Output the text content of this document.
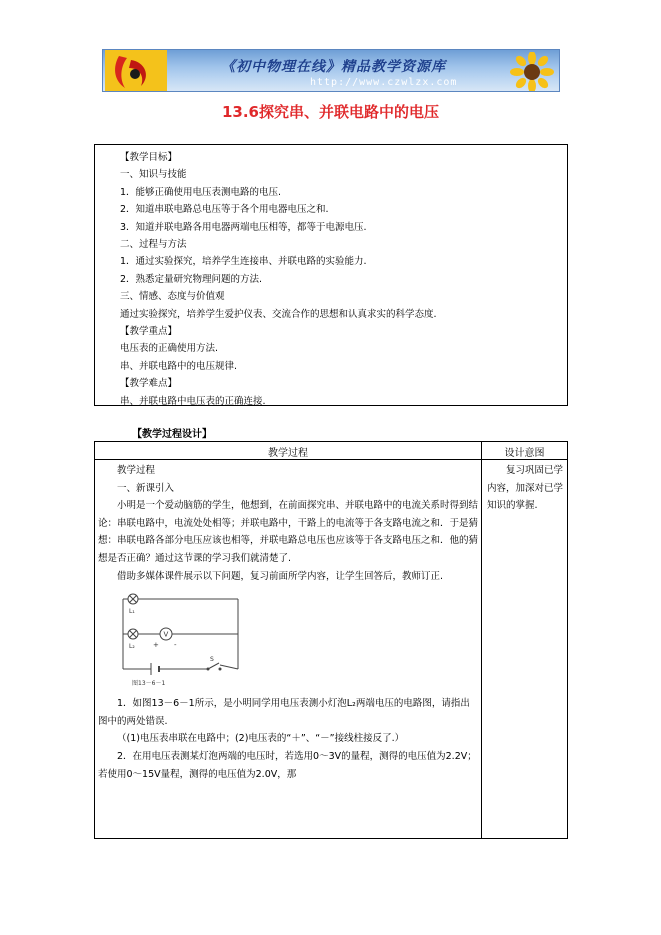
《初中物理在线》精品教学资源库
http://www.czwlzx.com
13.6探究串、并联电路中的电压
【教学目标】
一、知识与技能
1．能够正确使用电压表测电路的电压.
2．知道串联电路总电压等于各个用电器电压之和.
3．知道并联电路各用电器两端电压相等，都等于电源电压.
二、过程与方法
1．通过实验探究，培养学生连接串、并联电路的实验能力.
2．熟悉定量研究物理问题的方法.
三、情感、态度与价值观
通过实验探究，培养学生爱护仪表、交流合作的思想和认真求实的科学态度.
【教学重点】
电压表的正确使用方法.
串、并联电路中的电压规律.
【教学难点】
串、并联电路中电压表的正确连接.
【教学过程设计】
教学过程	设计意图
教学过程
一、新课引入
小明是一个爱动脑筋的学生，他想到，在前面探究串、并联电路中的电流关系时得到结论：串联电路中，电流处处相等；并联电路中，干路上的电流等于各支路电流之和．于是猜想：串联电路各部分电压应该也相等，并联电路总电压也应该等于各支路电压之和．他的猜想是否正确？通过这节课的学习我们就清楚了.
借助多媒体课件展示以下问题，复习前面所学内容，让学生回答后，教师订正.
L₁
L₂
V
+ -
S
图13－6－1
1．如图13－6－1所示，是小明同学用电压表测小灯泡L₂两端电压的电路图，请指出图中的两处错误.
（(1)电压表串联在电路中；(2)电压表的“＋”、“－”接线柱接反了.）
2．在用电压表测某灯泡两端的电压时，若选用0～3V的量程，测得的电压值为2.2V；若使用0～15V量程，测得的电压值为2.0V，那
复习巩固已学内容，加深对已学知识的掌握.
